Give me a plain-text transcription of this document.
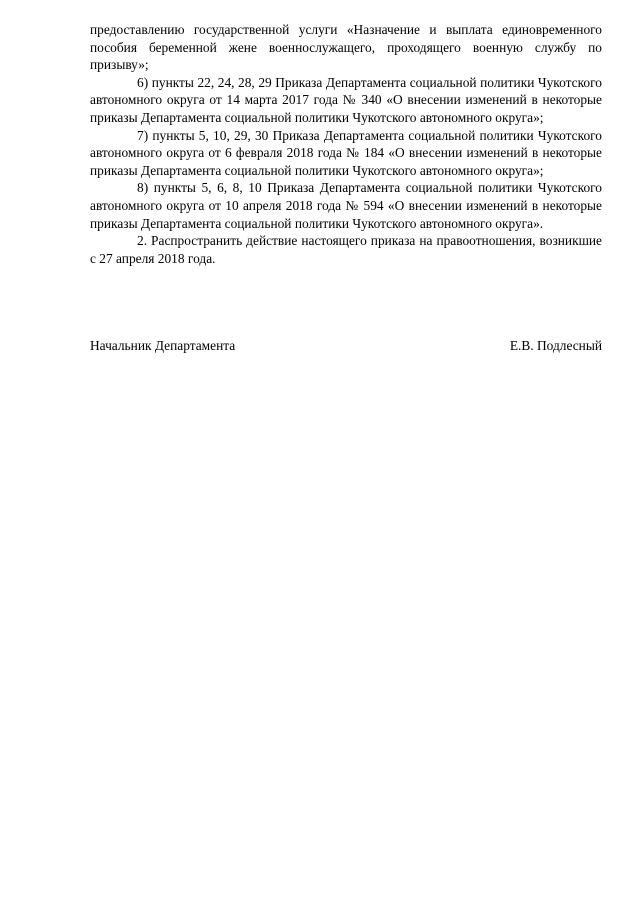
предоставлению государственной услуги «Назначение и выплата единовременного пособия беременной жене военнослужащего, проходящего военную службу по призыву»;

6) пункты 22, 24, 28, 29 Приказа Департамента социальной политики Чукотского автономного округа от 14 марта 2017 года № 340 «О внесении изменений в некоторые приказы Департамента социальной политики Чукотского автономного округа»;

7) пункты 5, 10, 29, 30 Приказа Департамента социальной политики Чукотского автономного округа от 6 февраля 2018 года № 184 «О внесении изменений в некоторые приказы Департамента социальной политики Чукотского автономного округа»;

8) пункты 5, 6, 8, 10 Приказа Департамента социальной политики Чукотского автономного округа от 10 апреля 2018 года № 594 «О внесении изменений в некоторые приказы Департамента социальной политики Чукотского автономного округа».

2. Распространить действие настоящего приказа на правоотношения, возникшие с 27 апреля 2018 года.

Начальник Департамента	Е.В. Подлесный
